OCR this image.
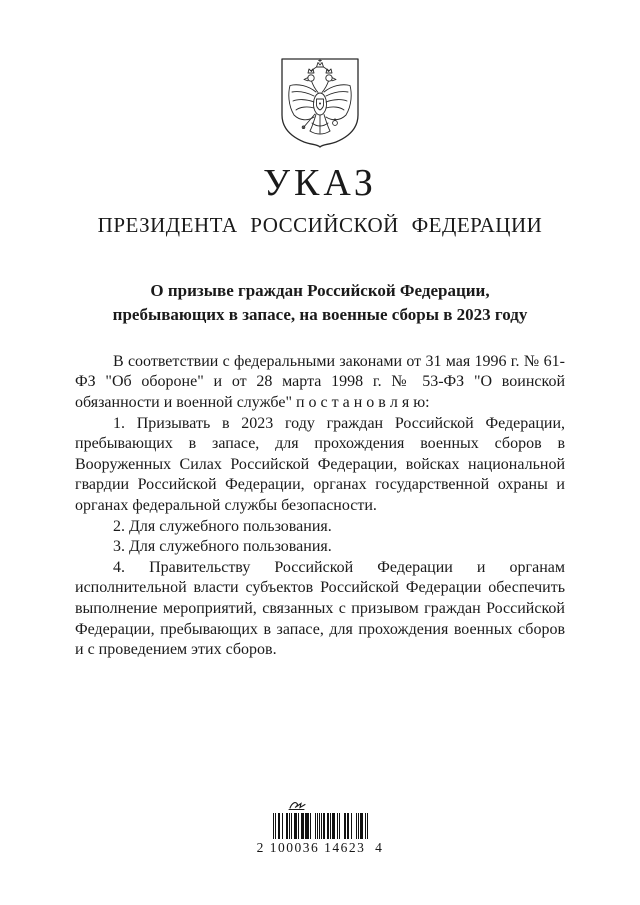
УКАЗ
ПРЕЗИДЕНТА РОССИЙСКОЙ ФЕДЕРАЦИИ
О призыве граждан Российской Федерации,
пребывающих в запасе, на военные сборы в 2023 году

В соответствии с федеральными законами от 31 мая 1996 г. № 61-ФЗ "Об обороне" и от 28 марта 1998 г. № 53-ФЗ "О воинской обязанности и военной службе" п о с т а н о в л я ю:

1. Призывать в 2023 году граждан Российской Федерации, пребывающих в запасе, для прохождения военных сборов в Вооруженных Силах Российской Федерации, войсках национальной гвардии Российской Федерации, органах государственной охраны и органах федеральной службы безопасности.

2. Для служебного пользования.

3. Для служебного пользования.

4. Правительству Российской Федерации и органам исполнительной власти субъектов Российской Федерации обеспечить выполнение мероприятий, связанных с призывом граждан Российской Федерации, пребывающих в запасе, для прохождения военных сборов и с проведением этих сборов.

2 100036 14623  4
